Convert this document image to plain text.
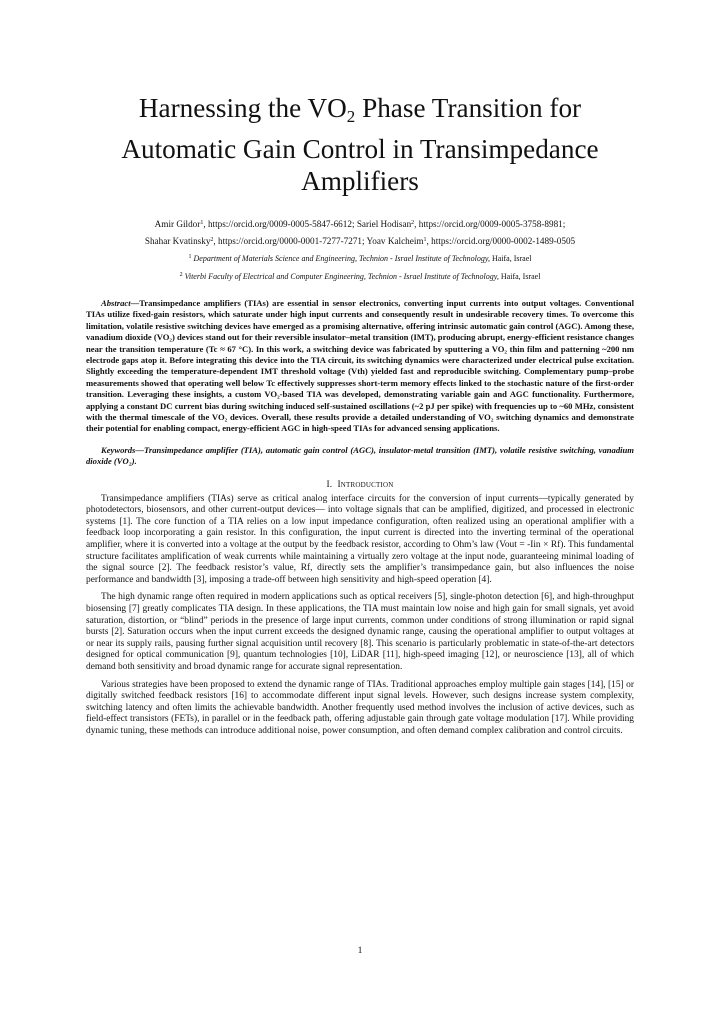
Harnessing the $VO_2$ Phase Transition for Automatic Gain Control in Transimpedance Amplifiers

Amir Gildor$^1$, https://orcid.org/0009-0005-5847-6612; Sariel Hodisan$^2$, https://orcid.org/0009-0005-3758-8981;

Shahar Kvatinsky$^2$, https://orcid.org/0000-0001-7277-7271; Yoav Kalcheim$^1$, https://orcid.org/0000-0002-1489-0505

$^1$ Department of Materials Science and Engineering, Technion - Israel Institute of Technology, Haifa, Israel

$^2$ Viterbi Faculty of Electrical and Computer Engineering, Technion - Israel Institute of Technology, Haifa, Israel

Abstract—Transimpedance amplifiers (TIAs) are essential in sensor electronics, converting input currents into output voltages. Conventional TIAs utilize fixed-gain resistors, which saturate under high input currents and consequently result in undesirable recovery times. To overcome this limitation, volatile resistive switching devices have emerged as a promising alternative, offering intrinsic automatic gain control (AGC). Among these, vanadium dioxide (VO₂) devices stand out for their reversible insulator–metal transition (IMT), producing abrupt, energy-efficient resistance changes near the transition temperature (Tc ≈ 67 °C). In this work, a switching device was fabricated by sputtering a VO₂ thin film and patterning ~200 nm electrode gaps atop it. Before integrating this device into the TIA circuit, its switching dynamics were characterized under electrical pulse excitation. Slightly exceeding the temperature-dependent IMT threshold voltage (Vth) yielded fast and reproducible switching. Complementary pump–probe measurements showed that operating well below Tc effectively suppresses short-term memory effects linked to the stochastic nature of the first-order transition. Leveraging these insights, a custom VO₂-based TIA was developed, demonstrating variable gain and AGC functionality. Furthermore, applying a constant DC current bias during switching induced self-sustained oscillations (~2 pJ per spike) with frequencies up to ~60 MHz, consistent with the thermal timescale of the VO₂ devices. Overall, these results provide a detailed understanding of VO₂ switching dynamics and demonstrate their potential for enabling compact, energy-efficient AGC in high-speed TIAs for advanced sensing applications.

Keywords—Transimpedance amplifier (TIA), automatic gain control (AGC), insulator-metal transition (IMT), volatile resistive switching, vanadium dioxide (VO₂).

I. Introduction

Transimpedance amplifiers (TIAs) serve as critical analog interface circuits for the conversion of input currents—typically generated by photodetectors, biosensors, and other current-output devices— into voltage signals that can be amplified, digitized, and processed in electronic systems [1]. The core function of a TIA relies on a low input impedance configuration, often realized using an operational amplifier with a feedback loop incorporating a gain resistor. In this configuration, the input current is directed into the inverting terminal of the operational amplifier, where it is converted into a voltage at the output by the feedback resistor, according to Ohm’s law (Vout = -Iin × Rf). This fundamental structure facilitates amplification of weak currents while maintaining a virtually zero voltage at the input node, guaranteeing minimal loading of the signal source [2]. The feedback resistor’s value, Rf, directly sets the amplifier’s transimpedance gain, but also influences the noise performance and bandwidth [3], imposing a trade-off between high sensitivity and high-speed operation [4].

The high dynamic range often required in modern applications such as optical receivers [5], single-photon detection [6], and high-throughput biosensing [7] greatly complicates TIA design. In these applications, the TIA must maintain low noise and high gain for small signals, yet avoid saturation, distortion, or “blind” periods in the presence of large input currents, common under conditions of strong illumination or rapid signal bursts [2]. Saturation occurs when the input current exceeds the designed dynamic range, causing the operational amplifier to output voltages at or near its supply rails, pausing further signal acquisition until recovery [8]. This scenario is particularly problematic in state-of-the-art detectors designed for optical communication [9], quantum technologies [10], LiDAR [11], high-speed imaging [12], or neuroscience [13], all of which demand both sensitivity and broad dynamic range for accurate signal representation.

Various strategies have been proposed to extend the dynamic range of TIAs. Traditional approaches employ multiple gain stages [14], [15] or digitally switched feedback resistors [16] to accommodate different input signal levels. However, such designs increase system complexity, switching latency and often limits the achievable bandwidth. Another frequently used method involves the inclusion of active devices, such as field-effect transistors (FETs), in parallel or in the feedback path, offering adjustable gain through gate voltage modulation [17]. While providing dynamic tuning, these methods can introduce additional noise, power consumption, and often demand complex calibration and control circuits.

1
